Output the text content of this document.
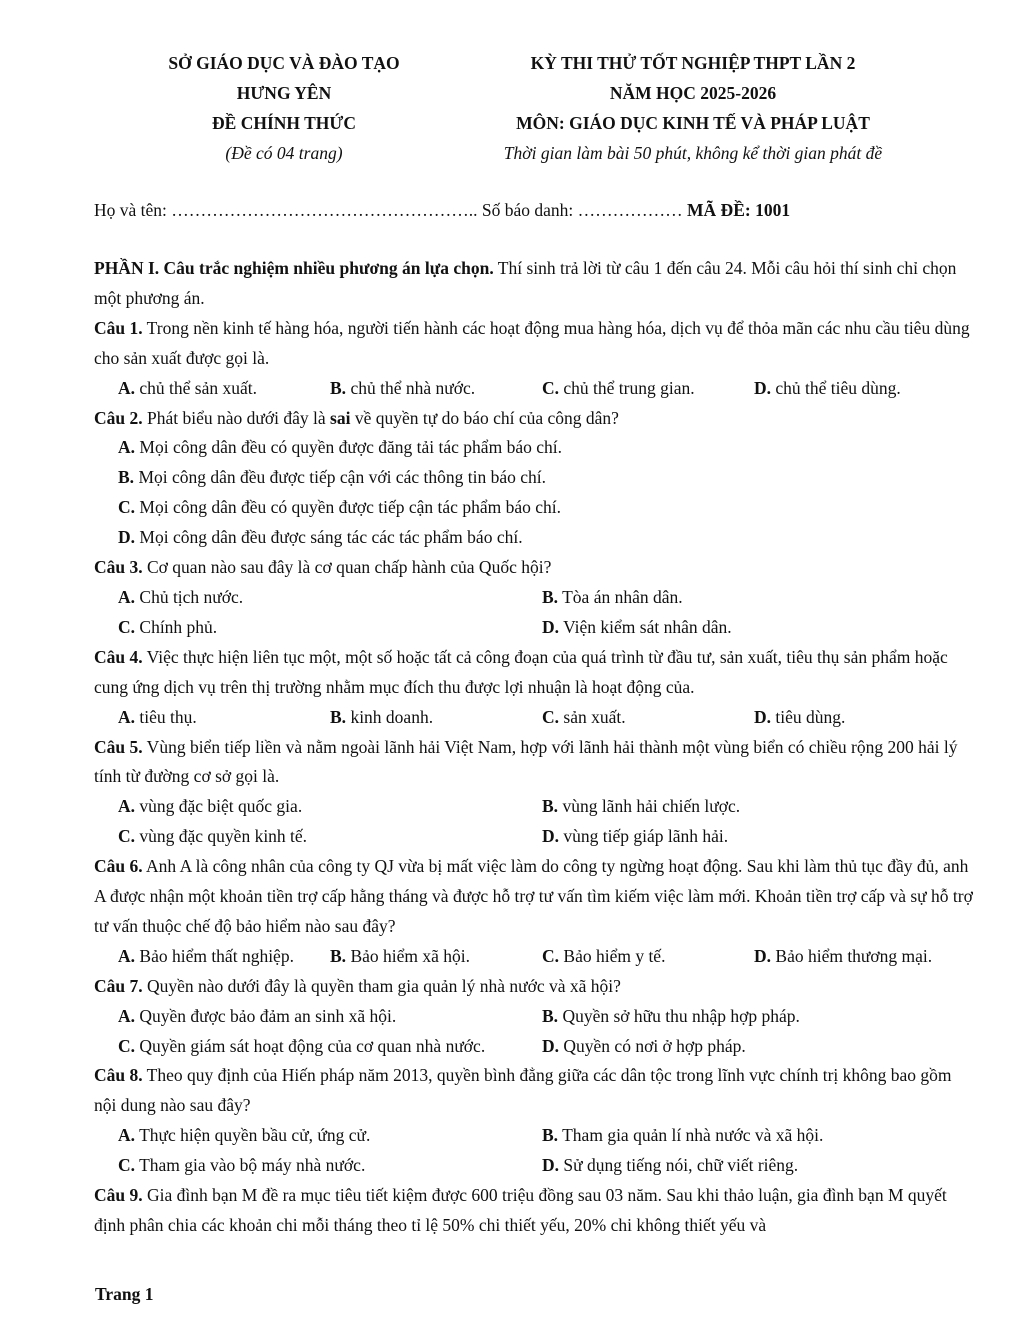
SỞ GIÁO DỤC VÀ ĐÀO TẠO
HƯNG YÊN
ĐỀ CHÍNH THỨC
(Đề có 04 trang)
KỲ THI THỬ TỐT NGHIỆP THPT LẦN 2
NĂM HỌC 2025-2026
MÔN: GIÁO DỤC KINH TẾ VÀ PHÁP LUẬT
Thời gian làm bài 50 phút, không kể thời gian phát đề
Họ và tên: …………………………………………….. Số báo danh: ……………… MÃ ĐỀ: 1001

PHẦN I. Câu trắc nghiệm nhiều phương án lựa chọn. Thí sinh trả lời từ câu 1 đến câu 24. Mỗi câu hỏi thí sinh chỉ chọn một phương án.

Câu 1. Trong nền kinh tế hàng hóa, người tiến hành các hoạt động mua hàng hóa, dịch vụ để thỏa mãn các nhu cầu tiêu dùng cho sản xuất được gọi là.

A. chủ thể sản xuất.	B. chủ thể nhà nước.	C. chủ thể trung gian.	D. chủ thể tiêu dùng.

Câu 2. Phát biểu nào dưới đây là sai về quyền tự do báo chí của công dân?

A. Mọi công dân đều có quyền được đăng tải tác phẩm báo chí.
B. Mọi công dân đều được tiếp cận với các thông tin báo chí.
C. Mọi công dân đều có quyền được tiếp cận tác phẩm báo chí.
D. Mọi công dân đều được sáng tác các tác phẩm báo chí.

Câu 3. Cơ quan nào sau đây là cơ quan chấp hành của Quốc hội?

A. Chủ tịch nước.	B. Tòa án nhân dân.
C. Chính phủ.	D. Viện kiểm sát nhân dân.

Câu 4. Việc thực hiện liên tục một, một số hoặc tất cả công đoạn của quá trình từ đầu tư, sản xuất, tiêu thụ sản phẩm hoặc cung ứng dịch vụ trên thị trường nhằm mục đích thu được lợi nhuận là hoạt động của.

A. tiêu thụ.	B. kinh doanh.	C. sản xuất.	D. tiêu dùng.

Câu 5. Vùng biển tiếp liền và nằm ngoài lãnh hải Việt Nam, hợp với lãnh hải thành một vùng biển có chiều rộng 200 hải lý tính từ đường cơ sở gọi là.

A. vùng đặc biệt quốc gia.	B. vùng lãnh hải chiến lược.
C. vùng đặc quyền kinh tế.	D. vùng tiếp giáp lãnh hải.

Câu 6. Anh A là công nhân của công ty QJ vừa bị mất việc làm do công ty ngừng hoạt động. Sau khi làm thủ tục đầy đủ, anh A được nhận một khoản tiền trợ cấp hằng tháng và được hỗ trợ tư vấn tìm kiếm việc làm mới. Khoản tiền trợ cấp và sự hỗ trợ tư vấn thuộc chế độ bảo hiểm nào sau đây?

A. Bảo hiểm thất nghiệp.	B. Bảo hiểm xã hội.	C. Bảo hiểm y tế.	D. Bảo hiểm thương mại.

Câu 7. Quyền nào dưới đây là quyền tham gia quản lý nhà nước và xã hội?

A. Quyền được bảo đảm an sinh xã hội.	B. Quyền sở hữu thu nhập hợp pháp.
C. Quyền giám sát hoạt động của cơ quan nhà nước.	D. Quyền có nơi ở hợp pháp.

Câu 8. Theo quy định của Hiến pháp năm 2013, quyền bình đẳng giữa các dân tộc trong lĩnh vực chính trị không bao gồm nội dung nào sau đây?

A. Thực hiện quyền bầu cử, ứng cử.	B. Tham gia quản lí nhà nước và xã hội.
C. Tham gia vào bộ máy nhà nước.	D. Sử dụng tiếng nói, chữ viết riêng.

Câu 9. Gia đình bạn M đề ra mục tiêu tiết kiệm được 600 triệu đồng sau 03 năm. Sau khi thảo luận, gia đình bạn M quyết định phân chia các khoản chi mỗi tháng theo tỉ lệ 50% chi thiết yếu, 20% chi không thiết yếu và

Trang 1
